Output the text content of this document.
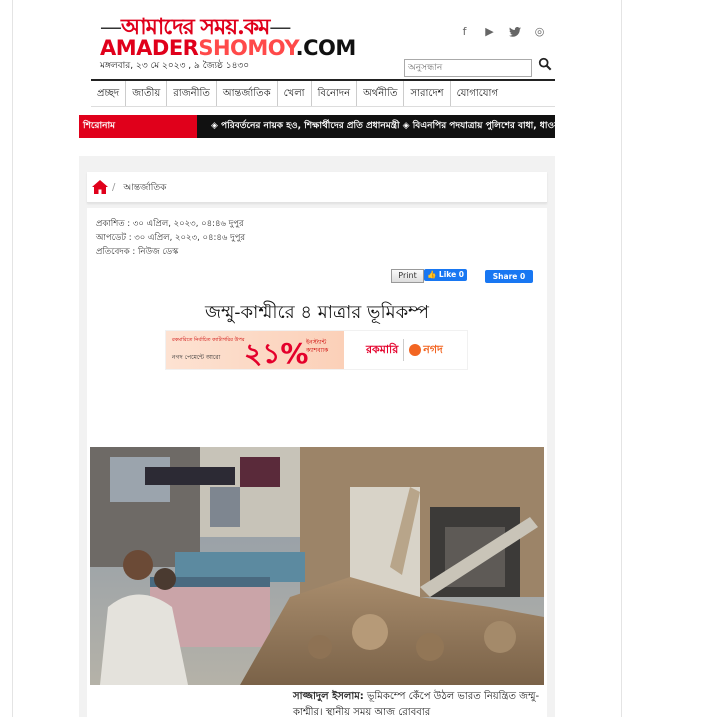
—আমাদের সময়.কম—
AMADERSHOMOY.COM
মঙ্গলবার, ২৩ মে ২০২৩ , ৯ জ্যৈষ্ঠ ১৪৩০
f	▶	◎
অনুসন্ধান
প্রচ্ছদ	জাতীয়	রাজনীতি	আন্তর্জাতিক	খেলা	বিনোদন	অর্থনীতি	সারাদেশ	যোগাযোগ
শিরোনাম	◈ পরিবর্তনের নায়ক হও, শিক্ষার্থীদের প্রতি প্রধানমন্ত্রী ◈ বিএনপির পদযাত্রায় পুলিশের বাধা, ধাওয়া-পাল্টা ধাওয়া
/ আন্তর্জাতিক
প্রকাশিত : ৩০ এপ্রিল, ২০২৩, ০৪:৪৬ দুপুর
আপডেট : ৩০ এপ্রিল, ২০২৩, ০৪:৪৬ দুপুর
প্রতিবেদক : নিউজ ডেস্ক
Print	👍 Like 0	Share 0
জম্মু-কাশ্মীরে ৪ মাত্রার ভূমিকম্প
রকমারিতে নির্বাচিত ক্যাটাগরির উপর
নগদ পেমেন্টে আরো ২১%
ইনস্ট্যান্ট ক্যাশব্যাক	রকমারি নগদ
সাজ্জাদুল ইসলাম: ভূমিকম্পে কেঁপে উঠল ভারত নিয়ন্ত্রিত জম্মু-কাশ্মীর। স্থানীয় সময় আজ রোববার
